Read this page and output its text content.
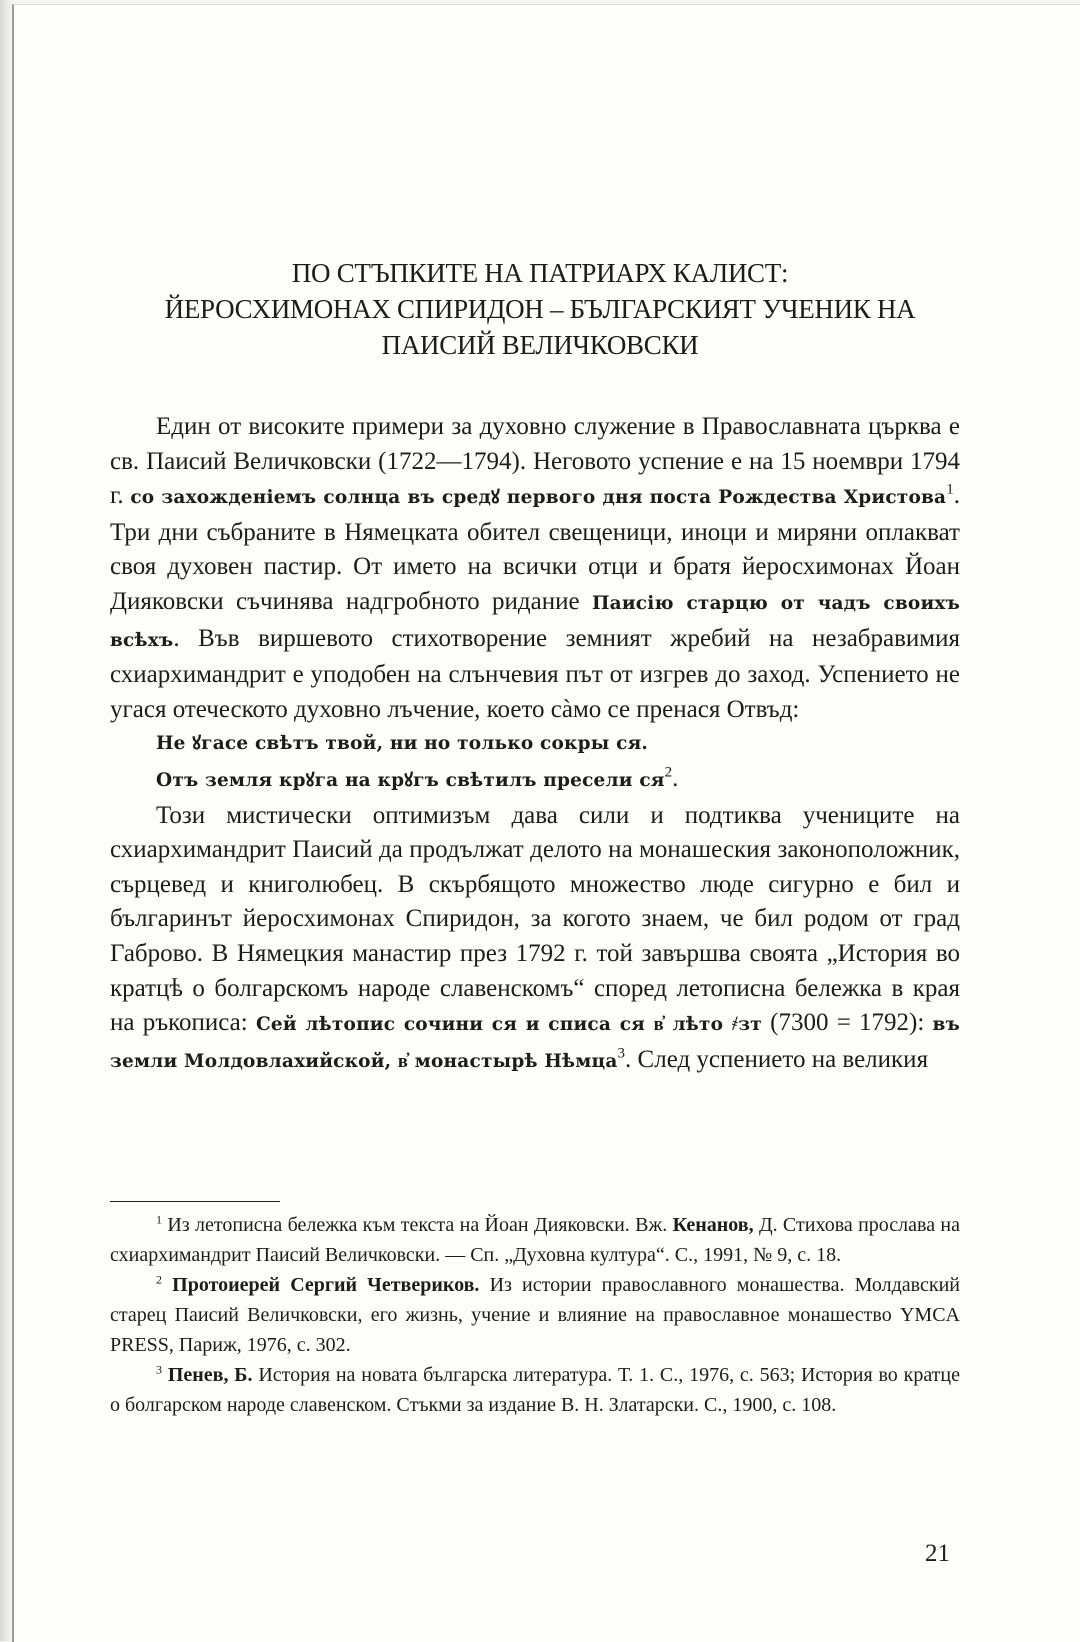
ПО СТЪПКИТЕ НА ПАТРИАРХ КАЛИСТ:
ЙЕРОСХИМОНАХ СПИРИДОН – БЪЛГАРСКИЯТ УЧЕНИК НА
ПАИСИЙ ВЕЛИЧКОВСКИ

Един от високите примери за духовно служение в Православната църква е св. Паисий Величковски (1722—1794). Неговото успение е на 15 ноември 1794 г. со захожденіемъ солнца въ средꙋ первого дня поста Рождества Христова$^1$. Три дни събраните в Нямецката обител свещеници, иноци и миряни оплакват своя духовен пастир. От името на всички отци и братя йеросхимонах Йоан Дияковски съчинява надгробното ридание Паисію старцю от чадъ своихъ всѣхъ. Във виршевото стихотворение земният жребий на незабравимия схиархимандрит е уподобен на слънчевия път от изгрев до заход. Успението не угася отеческото духовно лъчение, което сàмо се пренася Отвъд:

Не ꙋгасе свѣтъ твой, ни но только сокры ся.
Отъ земля крꙋга на крꙋгъ свѣтилъ пресели $ся^2$.

Този мистически оптимизъм дава сили и подтиква учениците на схиархимандрит Паисий да продължат делото на монашеския законоположник, сърцевед и книголюбец. В скърбящото множество люде сигурно е бил и българинът йеросхимонах Спиридон, за когото знаем, че бил родом от град Габрово. В Нямецкия манастир през 1792 г. той завършва своята „История во кратцѣ о болгарскомъ народе славенскомъ“ според летописна бележка в края на ръкописа: Сей лѣтопис сочини ся и списа ся в҆ лѣто ҂зт (7300 = 1792): въ земли Молдовлахийской, в҆ монастырѣ Нѣмца$^3$. След успението на великия

$^1$ Из летописна бележка към текста на Йоан Дияковски. Вж. Кенанов, Д. Стихова прослава на схиархимандрит Паисий Величковски. — Сп. „Духовна култура“. С., 1991, № 9, с. 18.

$^2$ Протоиерей Сергий Четвериков. Из истории православного монашества. Молдавский старец Паисий Величковски, его жизнь, учение и влияние на православное монашество YMCA PRESS, Париж, 1976, с. 302.

$^3$ Пенев, Б. История на новата българска литература. Т. 1. С., 1976, с. 563; История во кратце о болгарском народе славенском. Стъкми за издание В. Н. Златарски. С., 1900, с. 108.

21
